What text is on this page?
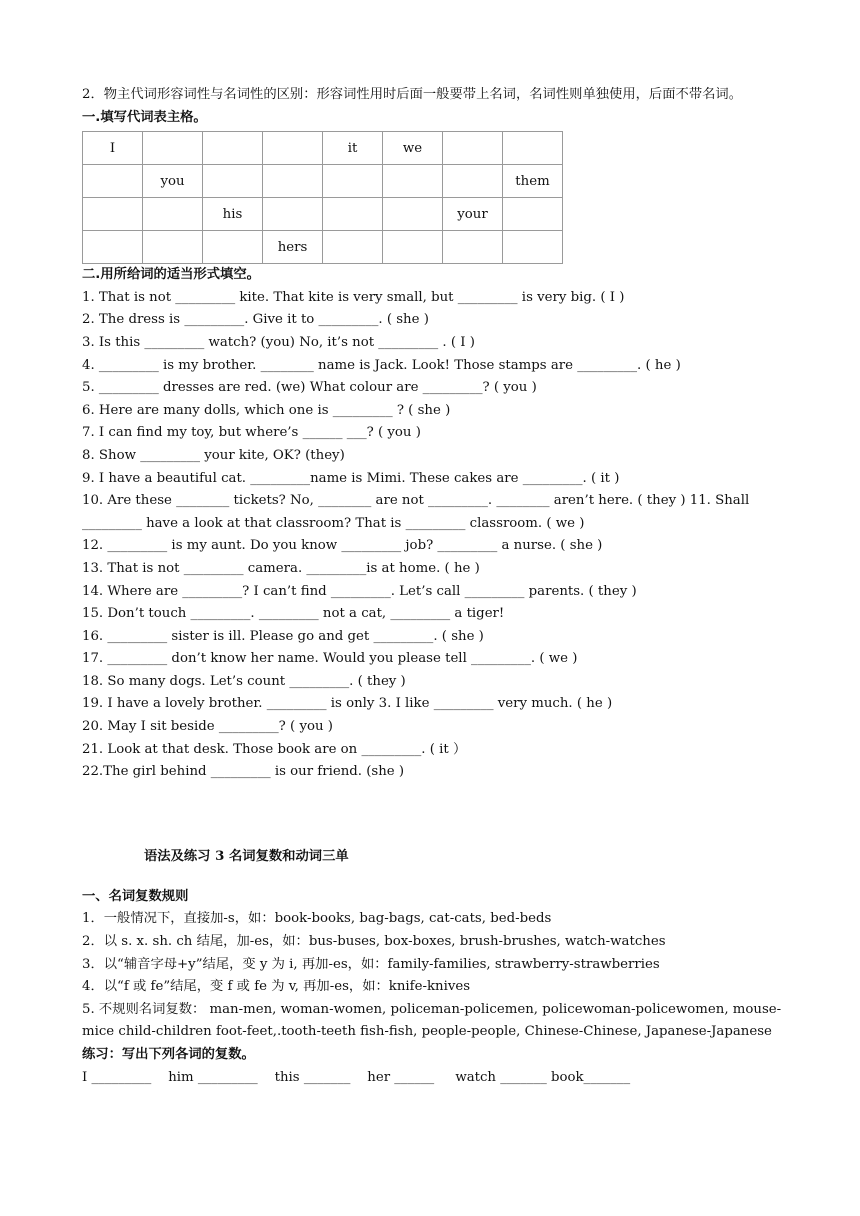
2．物主代词形容词性与名词性的区别：形容词性用时后面一般要带上名词，名词性则单独使用，后面不带名词。
一.填写代词表主格。
I				it	we		
	you						them
		his				your	
			hers				
二.用所给词的适当形式填空。
1. That is not _________ kite. That kite is very small, but _________ is very big. ( I )
2. The dress is _________. Give it to _________. ( she )
3. Is this _________ watch? (you) No, it’s not _________ . ( I )
4. _________ is my brother. ________ name is Jack. Look! Those stamps are _________. ( he )
5. _________ dresses are red. (we) What colour are _________? ( you )
6. Here are many dolls, which one is _________ ? ( she )
7. I can find my toy, but where’s ______ ___? ( you )
8. Show _________ your kite, OK? (they)
9. I have a beautiful cat. _________name is Mimi. These cakes are _________. ( it )
10. Are these ________ tickets? No, ________ are not _________. ________ aren’t here. ( they ) 11. Shall _________ have a look at that classroom? That is _________ classroom. ( we )
12. _________ is my aunt. Do you know _________ job? _________ a nurse. ( she )
13. That is not _________ camera. _________is at home. ( he )
14. Where are _________? I can’t find _________. Let’s call _________ parents. ( they )
15. Don’t touch _________. _________ not a cat, _________ a tiger!
16. _________ sister is ill. Please go and get _________. ( she )
17. _________ don’t know her name. Would you please tell _________. ( we )
18. So many dogs. Let’s count _________. ( they )
19. I have a lovely brother. _________ is only 3. I like _________ very much. ( he )
20. May I sit beside _________? ( you )
21. Look at that desk. Those book are on _________. ( it ）
22.The girl behind _________ is our friend. (she )
语法及练习 3 名词复数和动词三单
一、名词复数规则
1．一般情况下，直接加-s，如：book-books, bag-bags, cat-cats, bed-beds
2．以 s. x. sh. ch 结尾，加-es，如：bus-buses, box-boxes, brush-brushes, watch-watches
3．以“辅音字母+y”结尾，变 y 为 i, 再加-es，如：family-families, strawberry-strawberries
4．以“f 或 fe”结尾，变 f 或 fe 为 v, 再加-es，如：knife-knives
5. 不规则名词复数： man-men, woman-women, policeman-policemen, policewoman-policewomen, mouse-mice child-children foot-feet,.tooth-teeth fish-fish, people-people, Chinese-Chinese, Japanese-Japanese
练习：写出下列各词的复数。
I _________    him _________    this _______    her ______     watch _______ book_______
